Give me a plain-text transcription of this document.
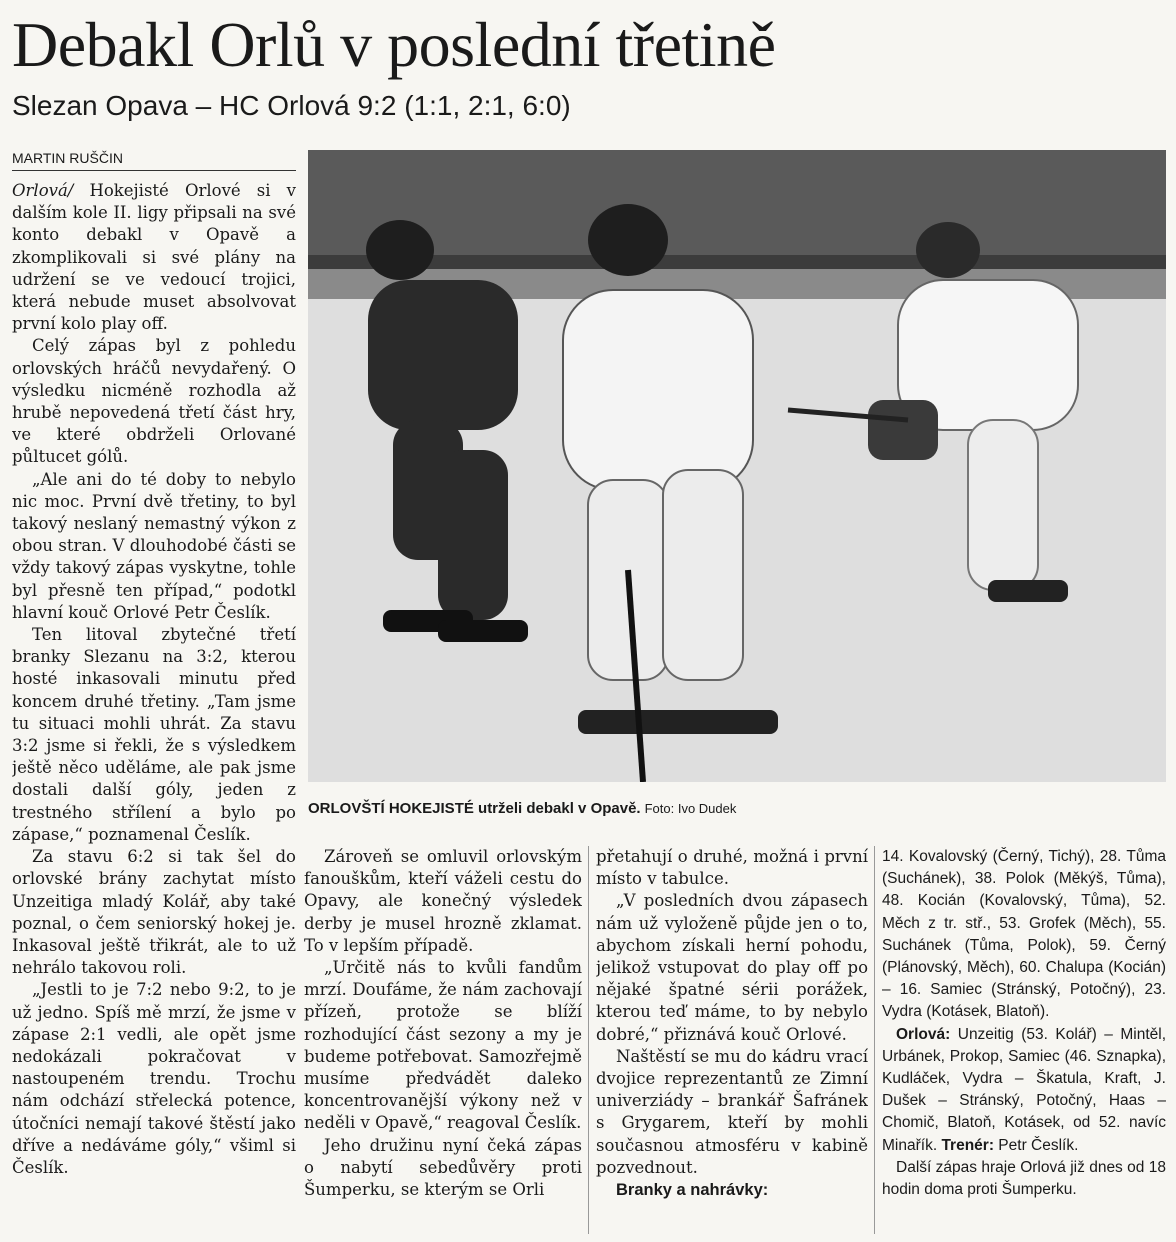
Debakl Orlů v poslední třetině
Slezan Opava – HC Orlová 9:2 (1:1, 2:1, 6:0)
MARTIN RUŠČIN

Orlová/ Hokejisté Orlové si v dalším kole II. ligy připsali na své konto debakl v Opavě a zkomplikovali si své plány na udržení se ve vedoucí trojici, která nebude muset absolvovat první kolo play off.

Celý zápas byl z pohledu orlovských hráčů nevydařený. O výsledku nicméně rozhodla až hrubě nepovedená třetí část hry, ve které obdrželi Orlované půltucet gólů.

„Ale ani do té doby to nebylo nic moc. První dvě třetiny, to byl takový neslaný nemastný výkon z obou stran. V dlouhodobé části se vždy takový zápas vyskytne, tohle byl přesně ten případ,“ podotkl hlavní kouč Orlové Petr Česlík.

Ten litoval zbytečné třetí branky Slezanu na 3:2, kterou hosté inkasovali minutu před koncem druhé třetiny. „Tam jsme tu situaci mohli uhrát. Za stavu 3:2 jsme si řekli, že s výsledkem ještě něco uděláme, ale pak jsme dostali další góly, jeden z trestného střílení a bylo po zápase,“ poznamenal Česlík.

Za stavu 6:2 si tak šel do orlovské brány zachytat místo Unzeitiga mladý Kolář, aby také poznal, o čem seniorský hokej je. Inkasoval ještě třikrát, ale to už nehrálo takovou roli.

„Jestli to je 7:2 nebo 9:2, to je už jedno. Spíš mě mrzí, že jsme v zápase 2:1 vedli, ale opět jsme nedokázali pokračovat v nastoupeném trendu. Trochu nám odchází střelecká potence, útočníci nemají takové štěstí jako dříve a nedáváme góly,“ všiml si Česlík.

ORLOVŠTÍ HOKEJISTÉ utrželi debakl v Opavě. Foto: Ivo Dudek

Zároveň se omluvil orlovským fanouškům, kteří váželi cestu do Opavy, ale konečný výsledek derby je musel hrozně zklamat. To v lepším případě.

„Určitě nás to kvůli fandům mrzí. Doufáme, že nám zachovají přízeň, protože se blíží rozhodující část sezony a my je budeme potřebovat. Samozřejmě musíme předvádět daleko koncentrovanější výkony než v neděli v Opavě,“ reagoval Česlík.

Jeho družinu nyní čeká zápas o nabytí sebedůvěry proti Šumperku, se kterým se Orli

přetahují o druhé, možná i první místo v tabulce.

„V posledních dvou zápasech nám už vyloženě půjde jen o to, abychom získali herní pohodu, jelikož vstupovat do play off po nějaké špatné sérii porážek, kterou teď máme, to by nebylo dobré,“ přiznává kouč Orlové.

Naštěstí se mu do kádru vrací dvojice reprezentantů ze Zimní univerziády – brankář Šafránek s Grygarem, kteří by mohli současnou atmosféru v kabině pozvednout.

Branky a nahrávky:

14. Kovalovský (Černý, Tichý), 28. Tůma (Suchánek), 38. Polok (Měkýš, Tůma), 48. Kocián (Kovalovský, Tůma), 52. Měch z tr. stř., 53. Grofek (Měch), 55. Suchánek (Tůma, Polok), 59. Černý (Plánovský, Měch), 60. Chalupa (Kocián) – 16. Samiec (Stránský, Potočný), 23. Vydra (Kotásek, Blatoň).

Orlová: Unzeitig (53. Kolář) – Mintěl, Urbánek, Prokop, Samiec (46. Sznapka), Kudláček, Vydra – Škatula, Kraft, J. Dušek – Stránský, Potočný, Haas – Chomič, Blatoň, Kotásek, od 52. navíc Minařík. Trenér: Petr Česlík.

Další zápas hraje Orlová již dnes od 18 hodin doma proti Šumperku.
